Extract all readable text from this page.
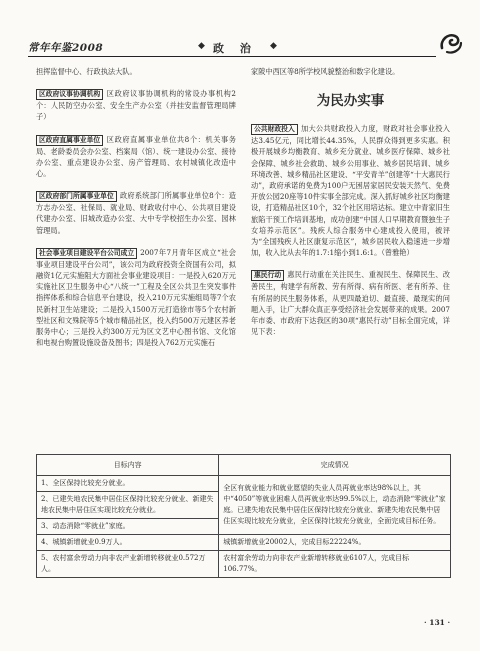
常年年鉴2008	◆ 政 治 ◆

担挥监督中心、行政执法大队。

区政府议事协调机构 区政府议事协调机构的常设办事机构2个：人民防空办公室、安全生产办公室（并挂安监督管理局牌子）

区政府直属事业单位 区政府直属事业单位共8个：机关事务局、老龄委员会办公室、档案局（馆）、统一建设办公室、接待办公室、重点建设办公室、房产管理局、农村城镇化改造中心。

区政府部门所属事业单位 政府系统部门所属事业单位8个：造方志办公室、社保局、就业局、财政收付中心、公共项目建设代建办公室、旧城改造办公室、大中专学校招生办公室、园林管理局。

社会事业项目建设平台公司成立 2007年7月青年区成立“社会事业项目建设平台公司”，该公司为政府投资全资国有公司，拟融资1亿元实施阻大方面社会事业建设项目：一是投入620万元实施社区卫生服务中心“八统一”工程及全区公共卫生突发事件指挥体系和综合信息平台建设，投入210万元实施组局等7个农民新村卫生站建设；二是投入1500万元打造徐市等5个农村新型社区和文殊院等5个城市精品社区，投入约500万元建区养老服务中心；三是投入约300万元为区文艺中心图书馆、文化馆和电视台购置设施设备及图书；四是投入762万元实施石

家陂中西区等8所学校风貌整治和数字化建设。

为民办实事

公共财政投入 加大公共财政投入力度，财政对社会事业投入达3.45亿元，同比增长44.35%，人民群众得到更多实惠。积极开展城乡均衡教育、城乡充分就业、城乡医疗保障、城乡社会保障、城乡社会救助、城乡公用事业、城乡居民培训、城乡环境改善、城乡精品社区建设、“平安青羊”创建等“十大惠民行动”，政府承诺的免费为100户无困居家居民安装天然气、免费开放公园20座等10件实事全部完成。深入抓好城乡社区均衡建设，打造精品社区10个，32个社区用培达标。建立中青家旧生旅陷干预工作培训基地，成功创建“中国人口早期教育暨独生子女培养示范区”。残疾人综合服务中心建成投入使用，被评为“全国残疾人社区康复示范区”，城乡居民收入稳速进一步增加，收入比从去年的1.7:1缩小到1.6:1。（曾雅艳）

惠民行动 惠民行动重在关注民生、重视民生、保障民生、改善民生，构建学有所教、劳有所得、病有所医、老有所养、住有所居的民生服务体系，从更四最迫切、最直接、最现实的问题入手，让广大群众真正享受经济社会发展带来的成果。2007年市委、市政府下达我区的30项“惠民行动”目标全面完成，详见下表：

目标内容	完成情况
1、全区保持比较充分就业。	全区有就业能力和就业愿望的失业人员再就业率达98%以上，其中“4050”等就业困难人员再就业率达99.5%以上，动态消除“零就业”家庭。已建失地农民集中居住区保持比较充分就业、新建失地农民集中居住区实现比较充分就业，全区保持比较充分就业，全面完成目标任务。
2、已建失地农民集中居住区保持比较充分就业、新建失地农民集中居住区实现比较充分就业。	
3、动态消除“零就业”家庭。	
4、城镇新增就业0.9万人。	城镇新增就业20002人，完成目标22224%。
5、农村富余劳动力向非农产业新增转移就业0.572万人。	农村富余劳动力向非农产业新增转移就业6107人，完成目标106.77%。
· 131 ·
